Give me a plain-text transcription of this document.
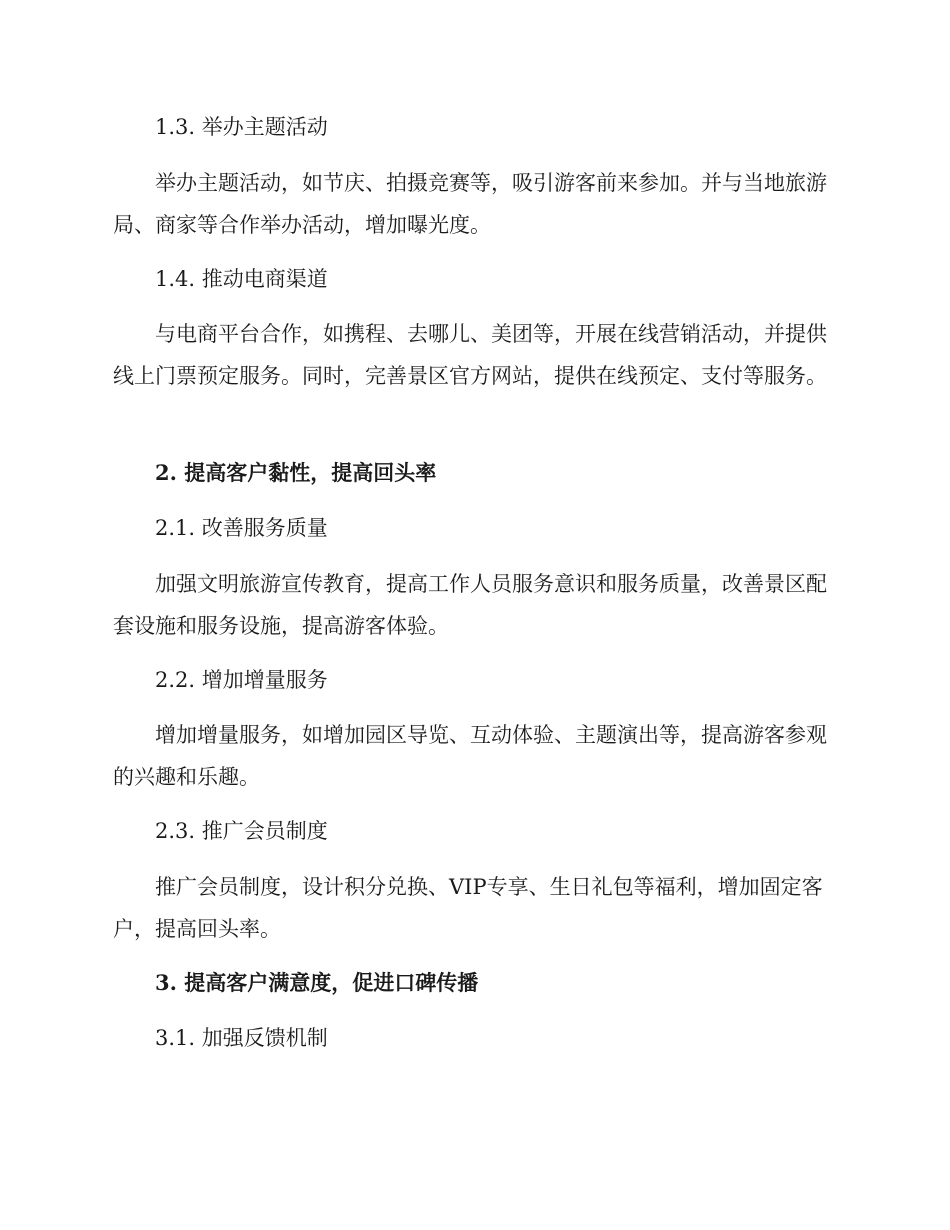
1.3. 举办主题活动

举办主题活动，如节庆、拍摄竞赛等，吸引游客前来参加。并与当地旅游局、商家等合作举办活动，增加曝光度。

1.4. 推动电商渠道

与电商平台合作，如携程、去哪儿、美团等，开展在线营销活动，并提供线上门票预定服务。同时，完善景区官方网站，提供在线预定、支付等服务。

2. 提高客户黏性，提高回头率

2.1. 改善服务质量

加强文明旅游宣传教育，提高工作人员服务意识和服务质量，改善景区配套设施和服务设施，提高游客体验。

2.2. 增加增量服务

增加增量服务，如增加园区导览、互动体验、主题演出等，提高游客参观的兴趣和乐趣。

2.3. 推广会员制度

推广会员制度，设计积分兑换、VIP专享、生日礼包等福利，增加固定客户，提高回头率。

3. 提高客户满意度，促进口碑传播

3.1. 加强反馈机制
